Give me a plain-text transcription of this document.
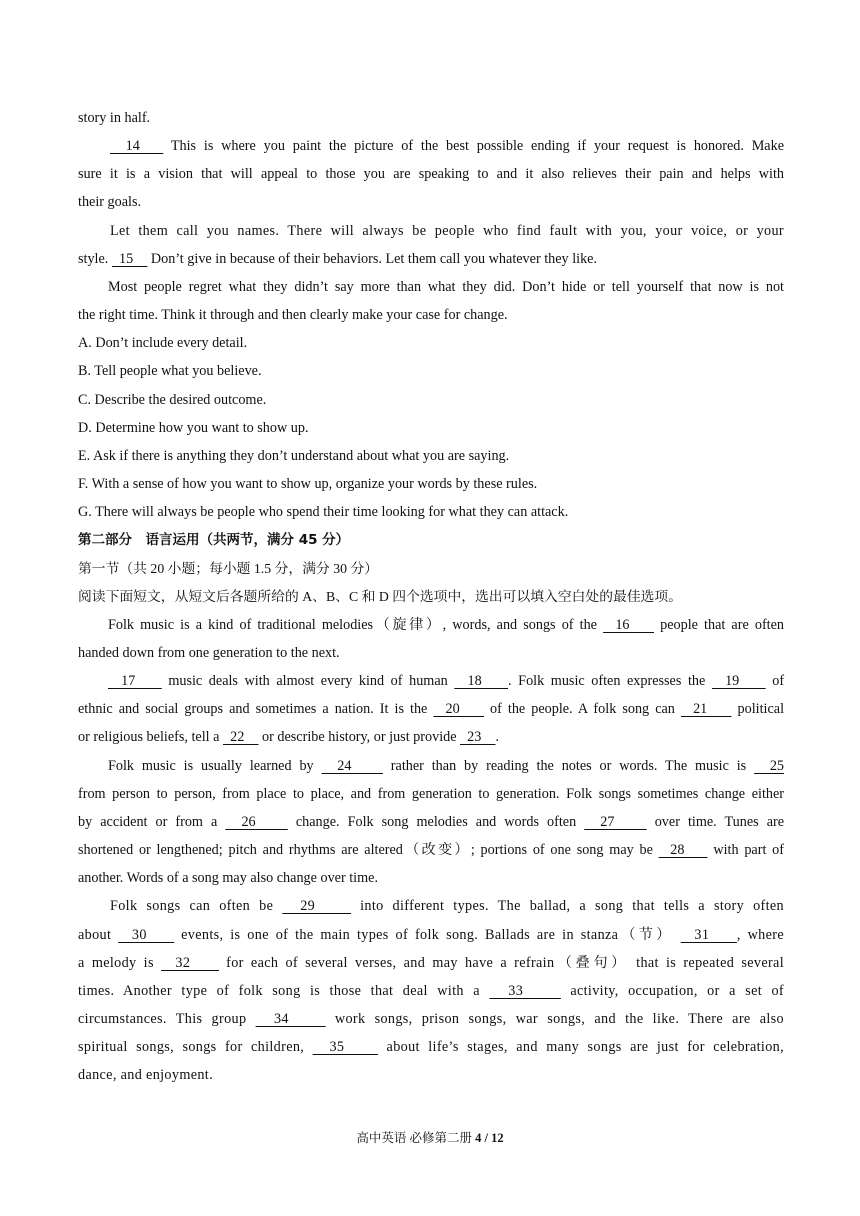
story in half.
14    This is where you paint the picture of the best possible ending if your request is honored. Make
sure it is a vision that will appeal to those you are speaking to and it also relieves their pain and helps with
their goals.
Let them call you names. There will always be people who find fault with you, your voice, or your
style.   15     Don’t give in because of their behaviors. Let them call you whatever they like.
Most people regret what they didn’t say more than what they did. Don’t hide or tell yourself that now is not
the right time. Think it through and then clearly make your case for change.
A. Don’t include every detail.
B. Tell people what you believe.
C. Describe the desired outcome.
D. Determine how you want to show up.
E. Ask if there is anything they don’t understand about what you are saying.
F. With a sense of how you want to show up, organize your words by these rules.
G. There will always be people who spend their time looking for what they can attack.
第二部分　语言运用（共两节，满分 45 分）
第一节（共 20 小题；每小题 1.5 分，满分 30 分）
阅读下面短文，从短文后各题所给的 A、B、C 和 D 四个选项中，选出可以填入空白处的最佳选项。
Folk music is a kind of traditional melodies（旋律）, words, and songs of the   16     people that are often
handed down from one generation to the next.
17     music deals with almost every kind of human   18    . Folk music often expresses the   19     of
ethnic and social groups and sometimes a nation. It is the   20     of the people. A folk song can   21     political
or religious beliefs, tell a   22     or describe history, or just provide   23    .
Folk music is usually learned by   24     rather than by reading the notes or words. The music is   25
from person to person, from place to place, and from generation to generation. Folk songs sometimes change either
by accident or from a   26     change. Folk song melodies and words often   27     over time. Tunes are
shortened or lengthened; pitch and rhythms are altered（改变）; portions of one song may be   28     with part of
another. Words of a song may also change over time.
Folk songs can often be   29     into different types. The ballad, a song that tells a story often
about   30     events, is one of the main types of folk song. Ballads are in stanza（节）   31    , where
a melody is   32     for each of several verses, and may have a refrain（叠句） that is repeated several
times. Another type of folk song is those that deal with a   33     activity, occupation, or a set of
circumstances. This group   34     work songs, prison songs, war songs, and the like. There are also
spiritual songs, songs for children,   35     about life’s stages, and many songs are just for celebration,
dance, and enjoyment.
高中英语 必修第二册 4 / 12
